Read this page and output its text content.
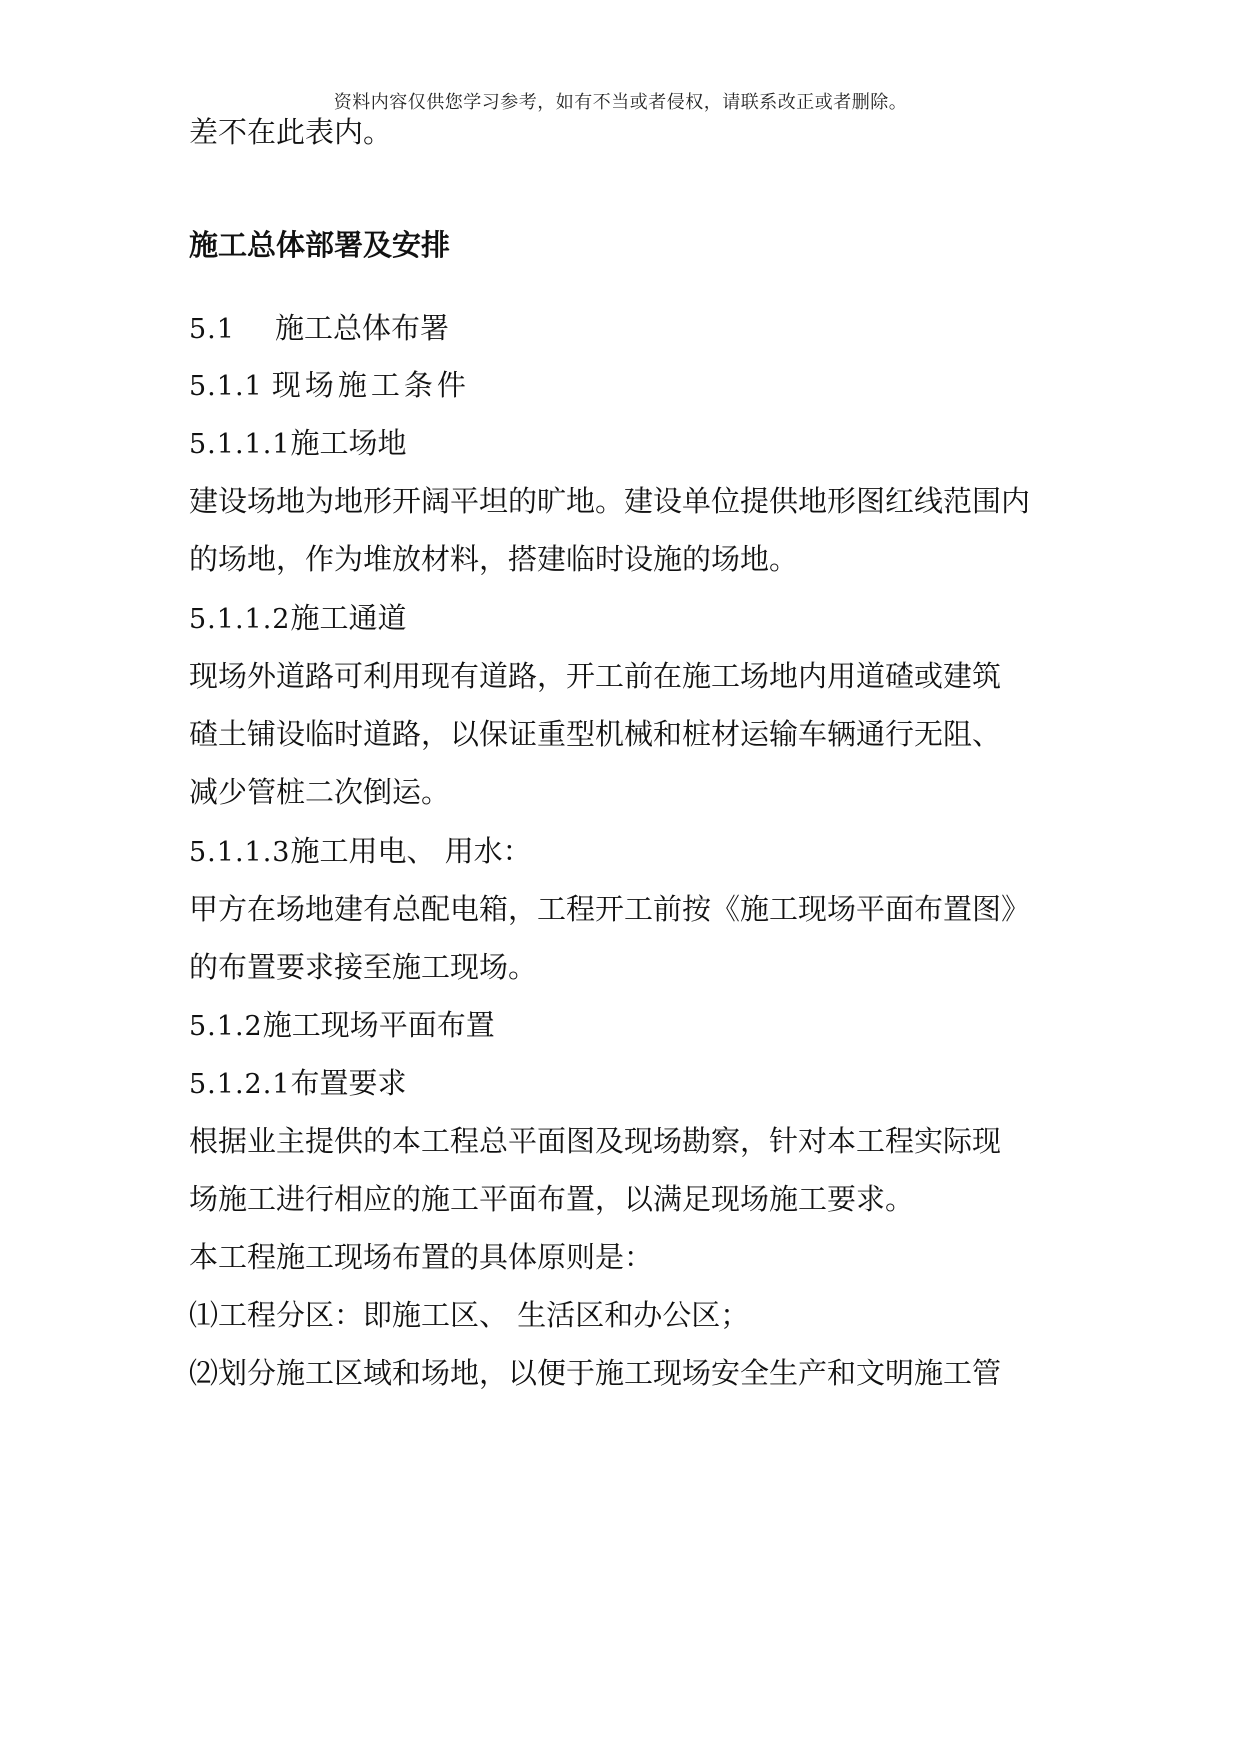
资料内容仅供您学习参考，如有不当或者侵权，请联系改正或者删除。
差不在此表内。
施工总体部署及安排
5.1 施工总体布署
5.1.1 现场施工条件
5.1.1.1施工场地
建设场地为地形开阔平坦的旷地。建设单位提供地形图红线范围内
的场地，作为堆放材料，搭建临时设施的场地。
5.1.1.2施工通道
现场外道路可利用现有道路，开工前在施工场地内用道碴或建筑
碴土铺设临时道路，以保证重型机械和桩材运输车辆通行无阻、
减少管桩二次倒运。
5.1.1.3施工用电、 用水：
甲方在场地建有总配电箱，工程开工前按《施工现场平面布置图》
的布置要求接至施工现场。
5.1.2施工现场平面布置
5.1.2.1布置要求
根据业主提供的本工程总平面图及现场勘察，针对本工程实际现
场施工进行相应的施工平面布置，以满足现场施工要求。
本工程施工现场布置的具体原则是：
⑴工程分区：即施工区、 生活区和办公区；
⑵划分施工区域和场地，以便于施工现场安全生产和文明施工管
